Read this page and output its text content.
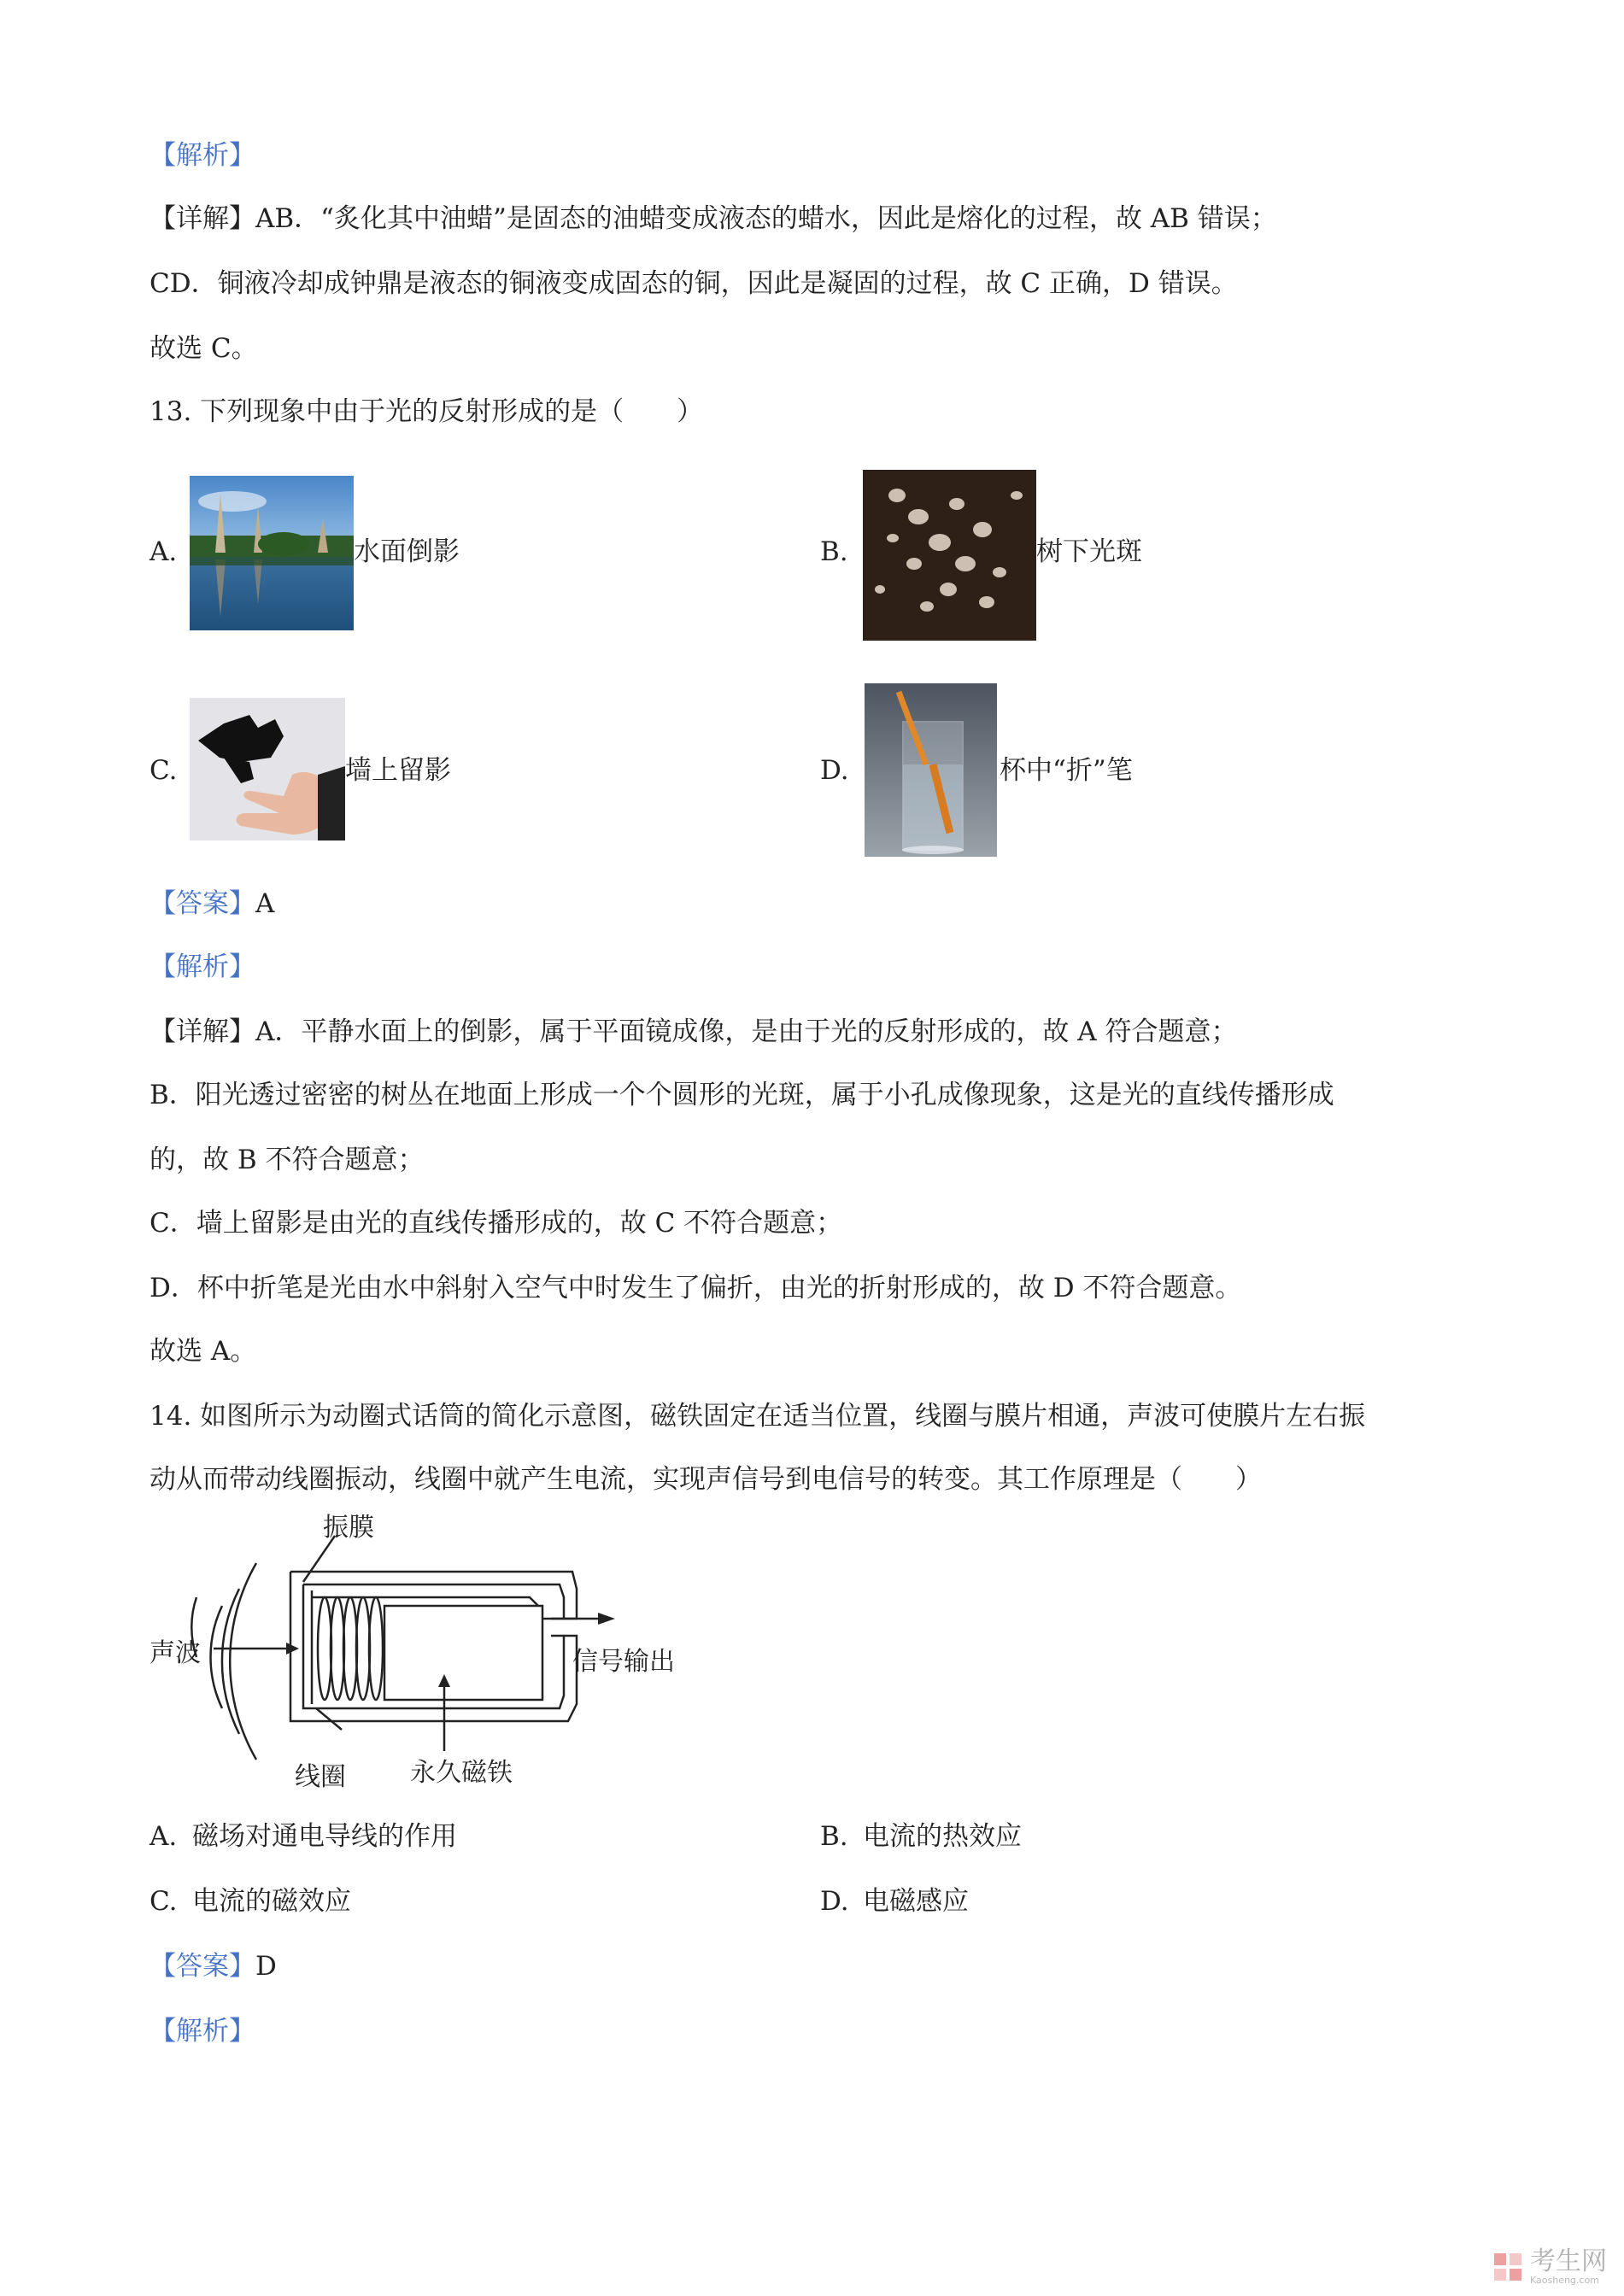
【解析】
【详解】AB．“炙化其中油蜡”是固态的油蜡变成液态的蜡水，因此是熔化的过程，故 AB 错误；
CD．铜液冷却成钟鼎是液态的铜液变成固态的铜，因此是凝固的过程，故 C 正确，D 错误。
故选 C。
13. 下列现象中由于光的反射形成的是（　　）
A.	水面倒影	B.	树下光斑
C.	墙上留影	D.	杯中“折”笔
【答案】A
【解析】
【详解】A．平静水面上的倒影，属于平面镜成像，是由于光的反射形成的，故 A 符合题意；
B．阳光透过密密的树丛在地面上形成一个个圆形的光斑，属于小孔成像现象，这是光的直线传播形成
的，故 B 不符合题意；
C．墙上留影是由光的直线传播形成的，故 C 不符合题意；
D．杯中折笔是光由水中斜射入空气中时发生了偏折，由光的折射形成的，故 D 不符合题意。
故选 A。
14. 如图所示为动圈式话筒的简化示意图，磁铁固定在适当位置，线圈与膜片相通，声波可使膜片左右振
动从而带动线圈振动，线圈中就产生电流，实现声信号到电信号的转变。其工作原理是（　　）
振膜
声波	信号输出
线圈	永久磁铁
A. 磁场对通电导线的作用	B. 电流的热效应
C. 电流的磁效应	D. 电磁感应
【答案】D
【解析】
考生网
Kaosheng.com
